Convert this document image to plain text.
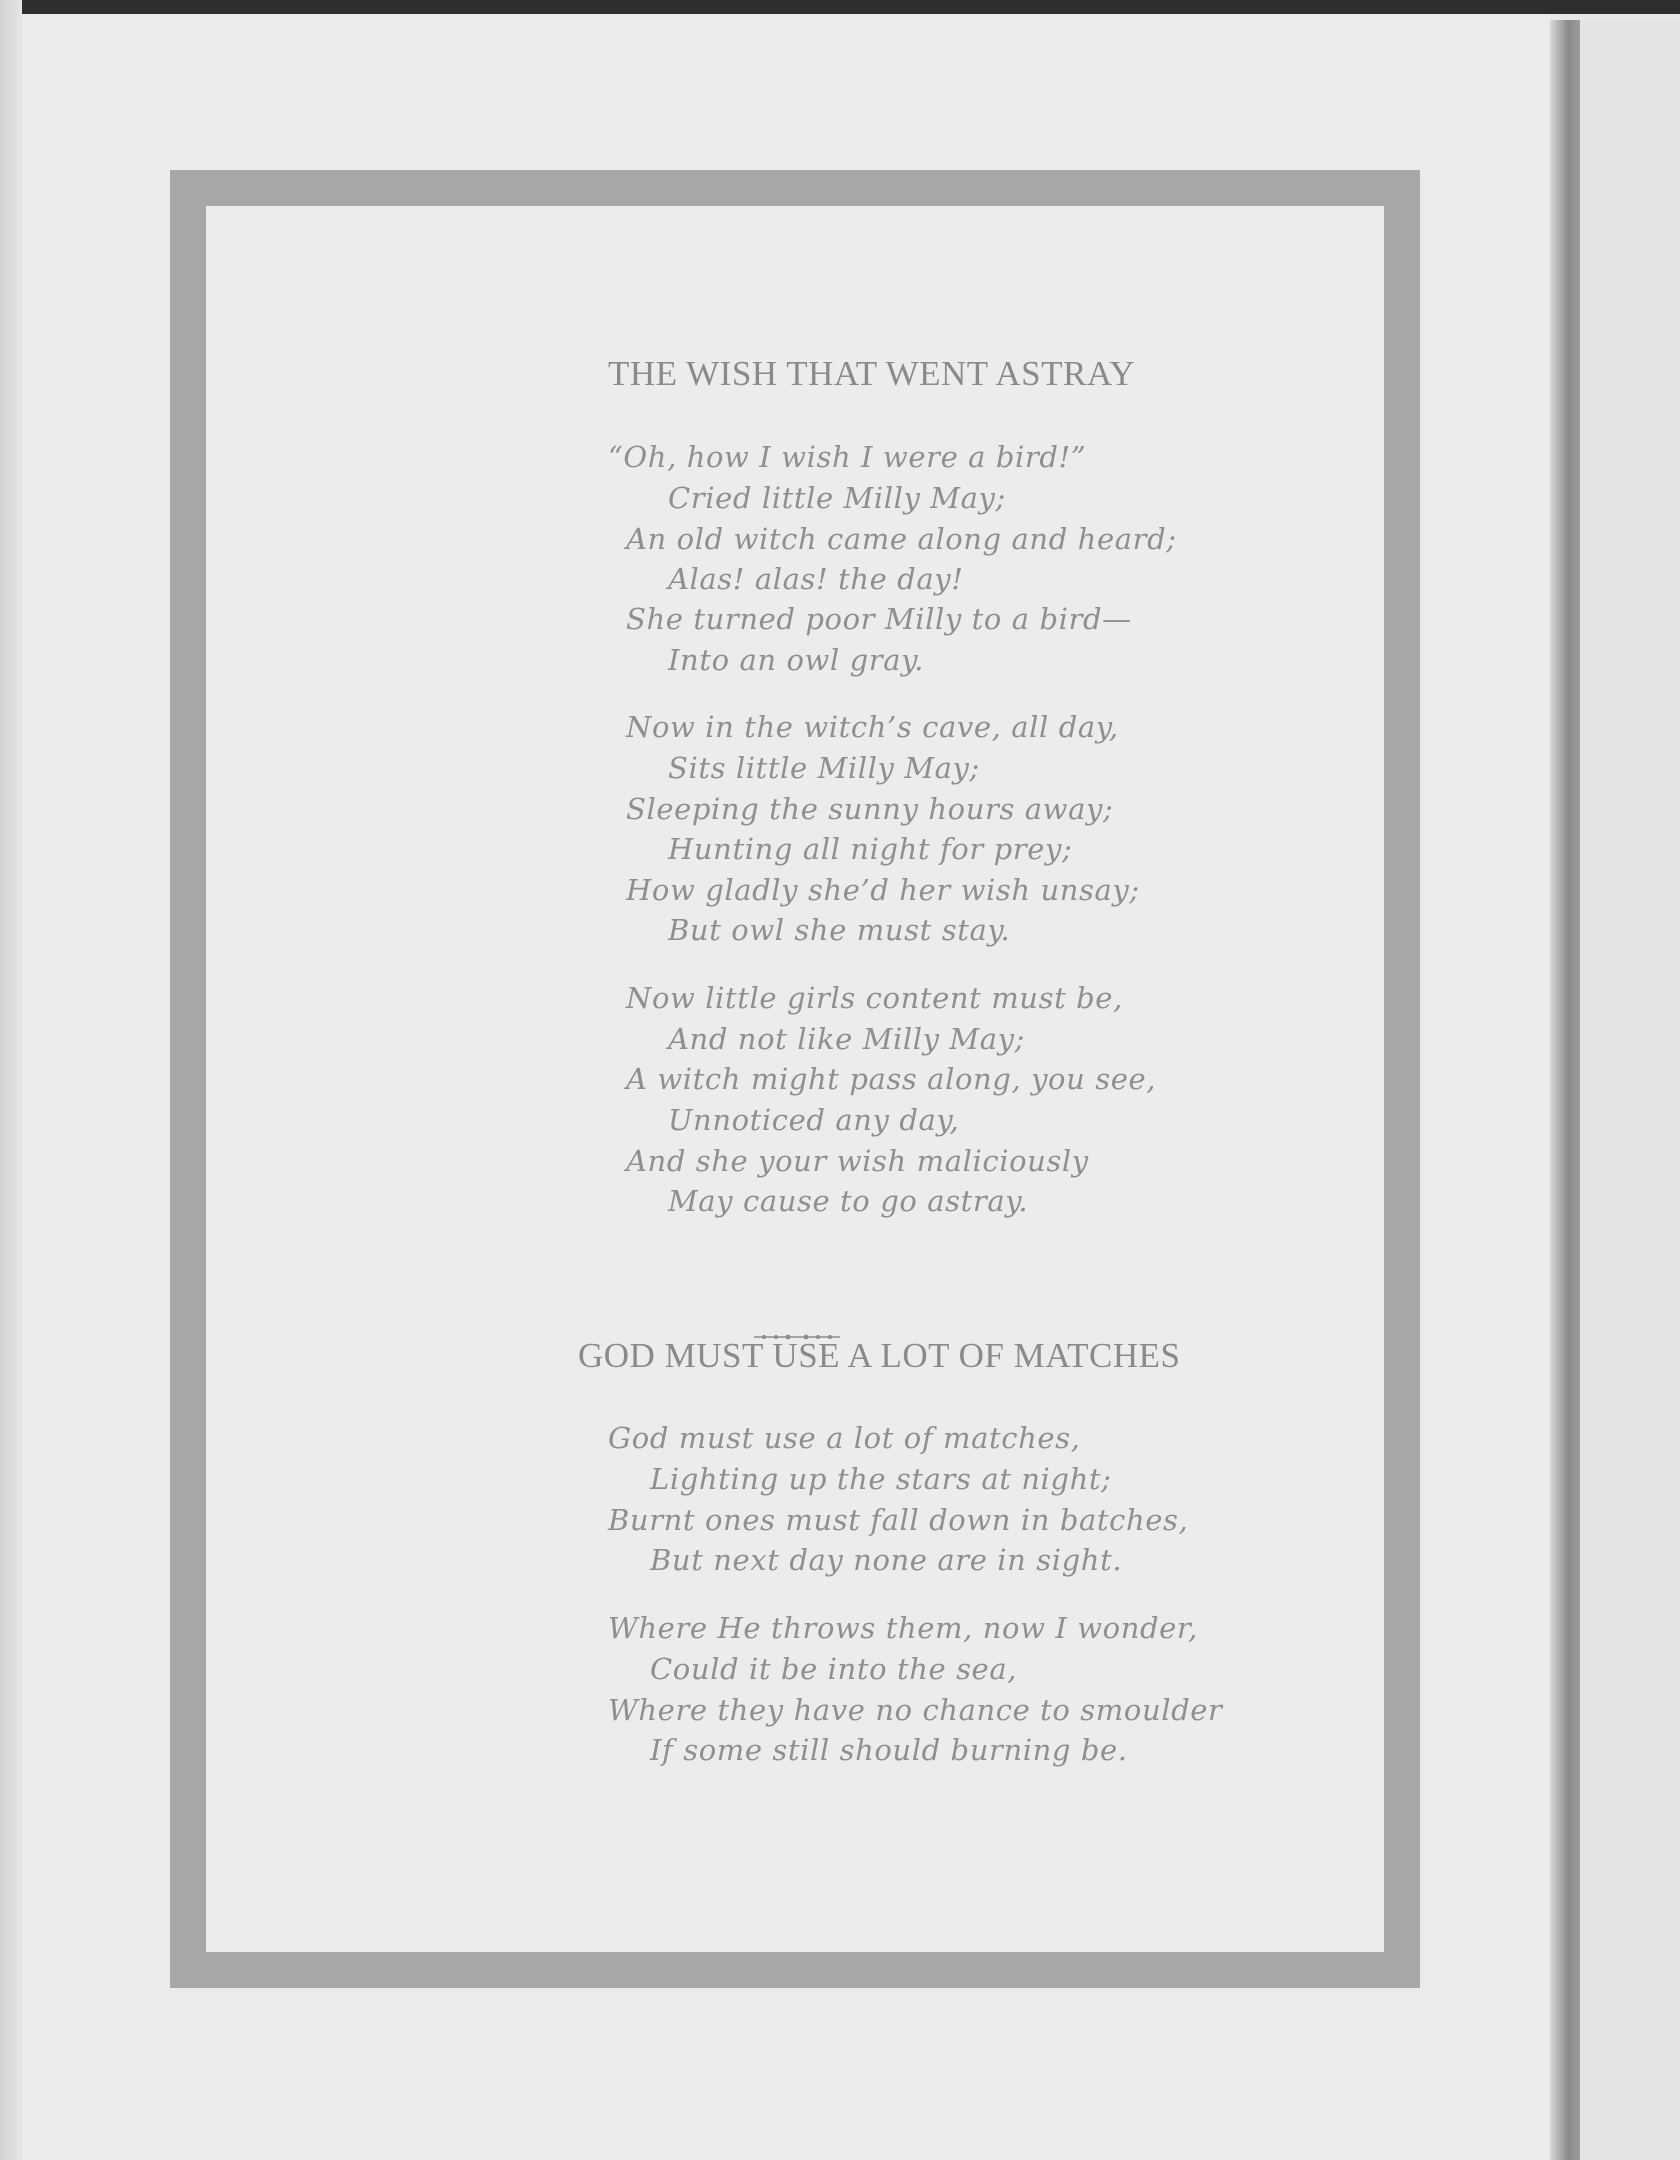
THE WISH THAT WENT ASTRAY
“Oh, how I wish I were a bird!”
Cried little Milly May;
An old witch came along and heard;
Alas! alas! the day!
She turned poor Milly to a bird—
Into an owl gray.
Now in the witch’s cave, all day,
Sits little Milly May;
Sleeping the sunny hours away;
Hunting all night for prey;
How gladly she’d her wish unsay;
But owl she must stay.
Now little girls content must be,
And not like Milly May;
A witch might pass along, you see,
Unnoticed any day,
And she your wish maliciously
May cause to go astray.
GOD MUST USE A LOT OF MATCHES
God must use a lot of matches,
Lighting up the stars at night;
Burnt ones must fall down in batches,
But next day none are in sight.
Where He throws them, now I wonder,
Could it be into the sea,
Where they have no chance to smoulder
If some still should burning be.
